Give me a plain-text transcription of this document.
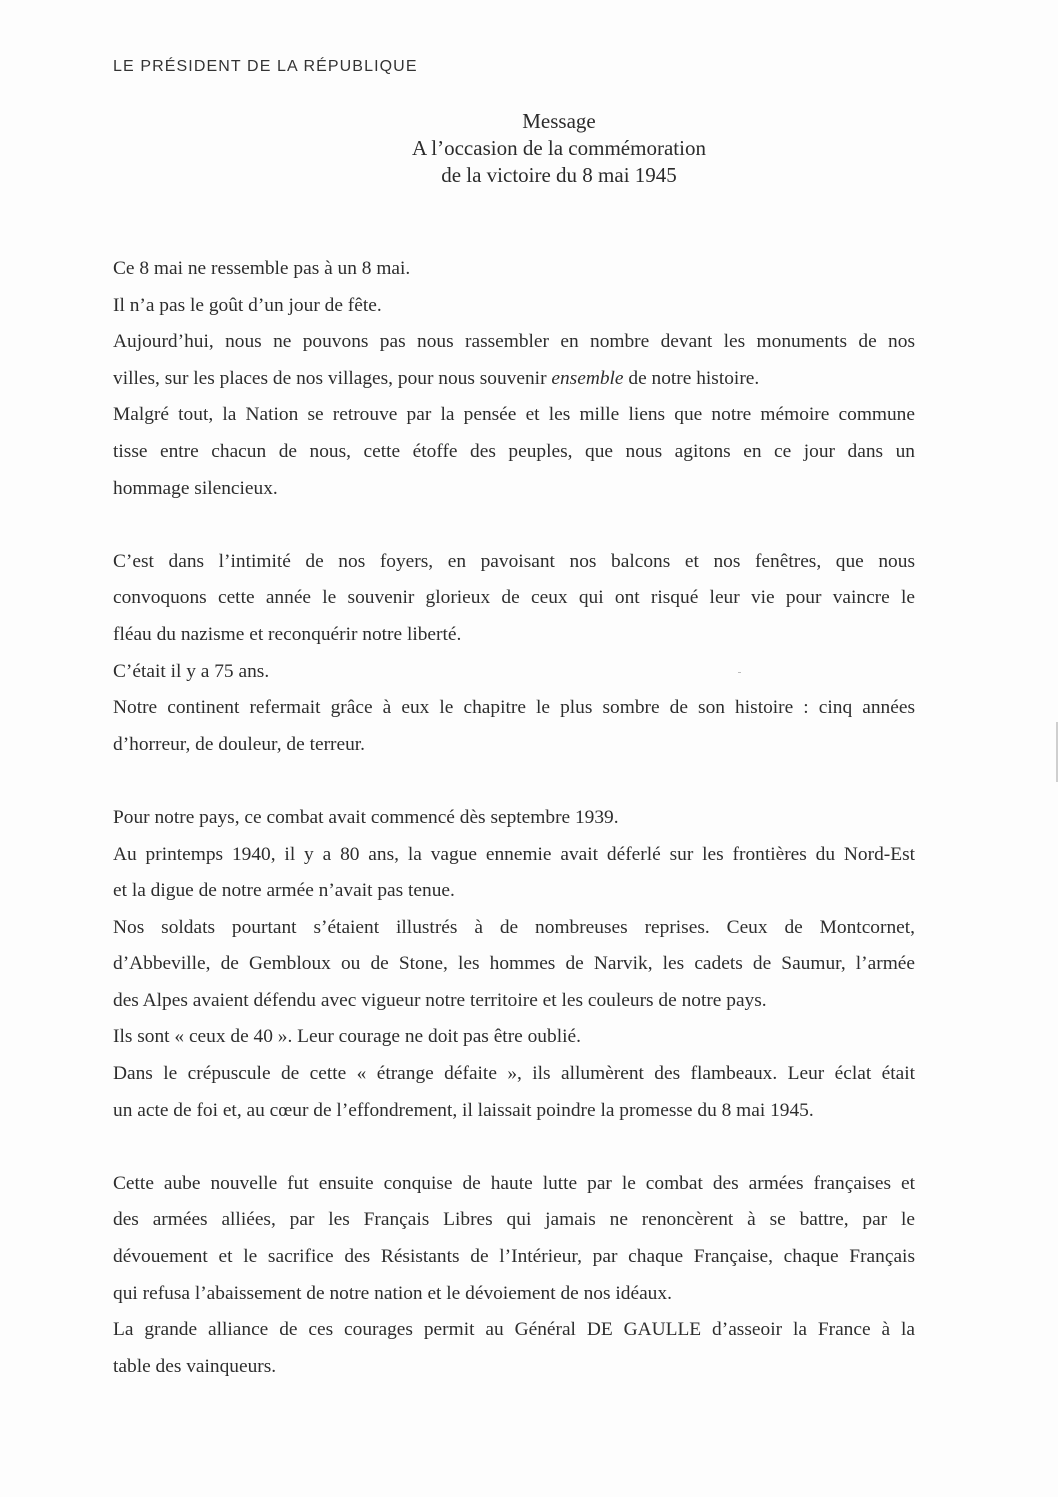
LE PRÉSIDENT DE LA RÉPUBLIQUE
Message
A l’occasion de la commémoration
de la victoire du 8 mai 1945
Ce 8 mai ne ressemble pas à un 8 mai.
Il n’a pas le goût d’un jour de fête.
Aujourd’hui, nous ne pouvons pas nous rassembler en nombre devant les monuments de nos
villes, sur les places de nos villages, pour nous souvenir ensemble de notre histoire.
Malgré tout, la Nation se retrouve par la pensée et les mille liens que notre mémoire commune
tisse entre chacun de nous, cette étoffe des peuples, que nous agitons en ce jour dans un
hommage silencieux.
C’est dans l’intimité de nos foyers, en pavoisant nos balcons et nos fenêtres, que nous
convoquons cette année le souvenir glorieux de ceux qui ont risqué leur vie pour vaincre le
fléau du nazisme et reconquérir notre liberté.
C’était il y a 75 ans.
Notre continent refermait grâce à eux le chapitre le plus sombre de son histoire : cinq années
d’horreur, de douleur, de terreur.
Pour notre pays, ce combat avait commencé dès septembre 1939.
Au printemps 1940, il y a 80 ans, la vague ennemie avait déferlé sur les frontières du Nord-Est
et la digue de notre armée n’avait pas tenue.
Nos soldats pourtant s’étaient illustrés à de nombreuses reprises. Ceux de Montcornet,
d’Abbeville, de Gembloux ou de Stone, les hommes de Narvik, les cadets de Saumur, l’armée
des Alpes avaient défendu avec vigueur notre territoire et les couleurs de notre pays.
Ils sont « ceux de 40 ». Leur courage ne doit pas être oublié.
Dans le crépuscule de cette « étrange défaite », ils allumèrent des flambeaux. Leur éclat était
un acte de foi et, au cœur de l’effondrement, il laissait poindre la promesse du 8 mai 1945.
Cette aube nouvelle fut ensuite conquise de haute lutte par le combat des armées françaises et
des armées alliées, par les Français Libres qui jamais ne renoncèrent à se battre, par le
dévouement et le sacrifice des Résistants de l’Intérieur, par chaque Française, chaque Français
qui refusa l’abaissement de notre nation et le dévoiement de nos idéaux.
La grande alliance de ces courages permit au Général DE GAULLE d’asseoir la France à la
table des vainqueurs.
